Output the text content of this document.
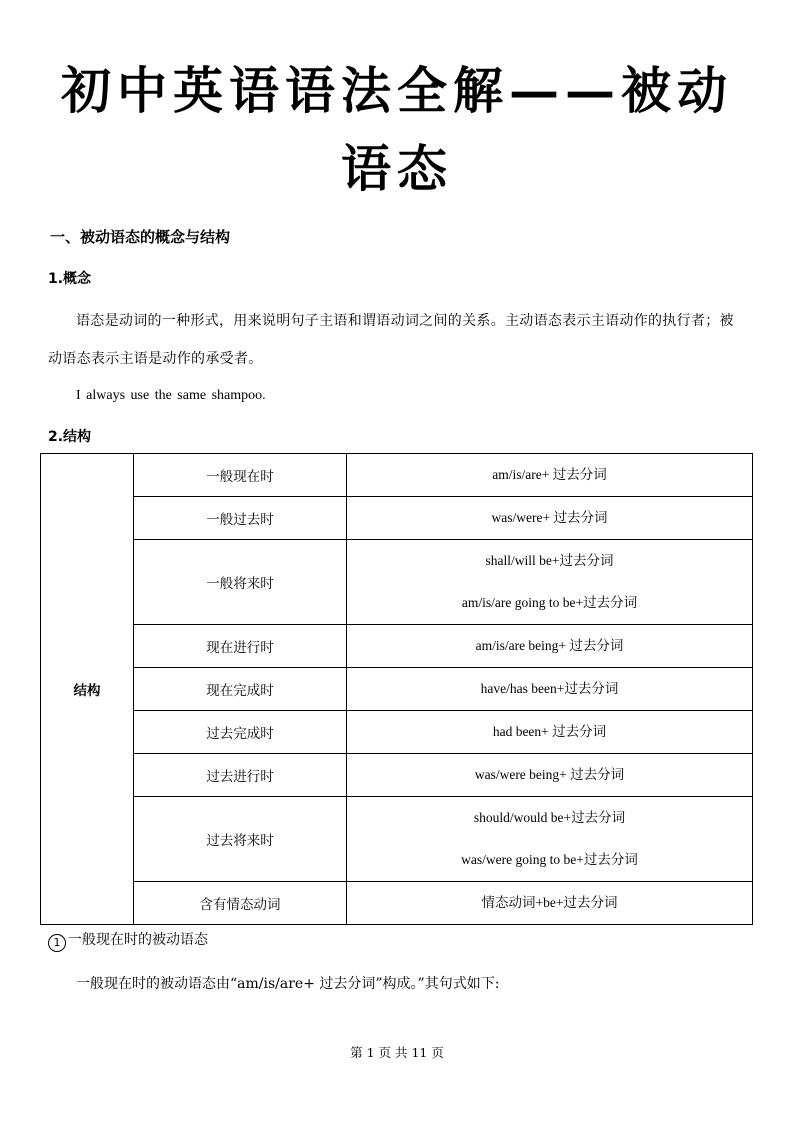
初中英语语法全解——被动
语态
一、被动语态的概念与结构
1.概念
语态是动词的一种形式，用来说明句子主语和谓语动词之间的关系。主动语态表示主语动作的执行者；被动语态表示主语是动作的承受者。
I always use the same shampoo.
2.结构
结构	一般现在时	am/is/are+ 过去分词

	一般过去时	was/were+ 过去分词

	一般将来时	shall/will be+过去分词
am/is/are going to be+过去分词

	现在进行时	am/is/are being+ 过去分词

	现在完成时	have/has been+过去分词

	过去完成时	had been+ 过去分词

	过去进行时	was/were being+ 过去分词

	过去将来时	should/would be+过去分词
was/were going to be+过去分词

	含有情态动词	情态动词+be+过去分词
1 一般现在时的被动语态
一般现在时的被动语态由“am/is/are+ 过去分词”构成。”其句式如下:
第 1 页 共 11 页
